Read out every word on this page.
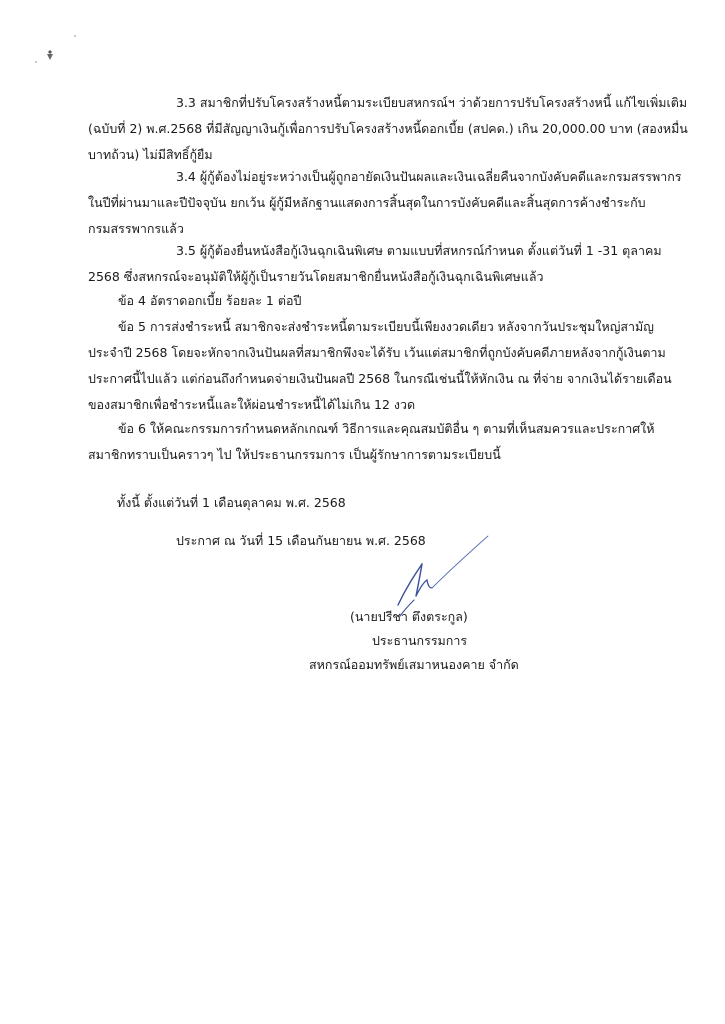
3.3 สมาชิกที่ปรับโครงสร้างหนี้ตามระเบียบสหกรณ์ฯ ว่าด้วยการปรับโครงสร้างหนี้ แก้ไขเพิ่มเติม
(ฉบับที่ 2) พ.ศ.2568 ที่มีสัญญาเงินกู้เพื่อการปรับโครงสร้างหนี้ดอกเบี้ย (สปคด.) เกิน 20,000.00 บาท (สองหมื่น
บาทถ้วน) ไม่มีสิทธิ์กู้ยืม

3.4 ผู้กู้ต้องไม่อยู่ระหว่างเป็นผู้ถูกอายัดเงินปันผลและเงินเฉลี่ยคืนจากบังคับคดีและกรมสรรพากร
ในปีที่ผ่านมาและปีปัจจุบัน ยกเว้น ผู้กู้มีหลักฐานแสดงการสิ้นสุดในการบังคับคดีและสิ้นสุดการค้างชำระกับ
กรมสรรพากรแล้ว

3.5 ผู้กู้ต้องยื่นหนังสือกู้เงินฉุกเฉินพิเศษ ตามแบบที่สหกรณ์กำหนด ตั้งแต่วันที่ 1 -31 ตุลาคม
2568 ซึ่งสหกรณ์จะอนุมัติให้ผู้กู้เป็นรายวันโดยสมาชิกยื่นหนังสือกู้เงินฉุกเฉินพิเศษแล้ว

ข้อ 4 อัตราดอกเบี้ย ร้อยละ 1 ต่อปี

ข้อ 5 การส่งชำระหนี้ สมาชิกจะส่งชำระหนี้ตามระเบียบนี้เพียงงวดเดียว หลังจากวันประชุมใหญ่สามัญ
ประจำปี 2568 โดยจะหักจากเงินปันผลที่สมาชิกพึงจะได้รับ เว้นแต่สมาชิกที่ถูกบังคับคดีภายหลังจากกู้เงินตาม
ประกาศนี้ไปแล้ว แต่ก่อนถึงกำหนดจ่ายเงินปันผลปี 2568 ในกรณีเช่นนี้ให้หักเงิน ณ ที่จ่าย จากเงินได้รายเดือน
ของสมาชิกเพื่อชำระหนี้และให้ผ่อนชำระหนี้ได้ไม่เกิน 12 งวด

ข้อ 6 ให้คณะกรรมการกำหนดหลักเกณฑ์ วิธีการและคุณสมบัติอื่น ๆ ตามที่เห็นสมควรและประกาศให้
สมาชิกทราบเป็นคราวๆ ไป ให้ประธานกรรมการ เป็นผู้รักษาการตามระเบียบนี้

ทั้งนี้ ตั้งแต่วันที่ 1 เดือนตุลาคม พ.ศ. 2568
ประกาศ ณ วันที่ 15 เดือนกันยายน พ.ศ. 2568
(นายปรีชา ตึงตระกูล)
ประธานกรรมการ
สหกรณ์ออมทรัพย์เสมาหนองคาย จำกัด
